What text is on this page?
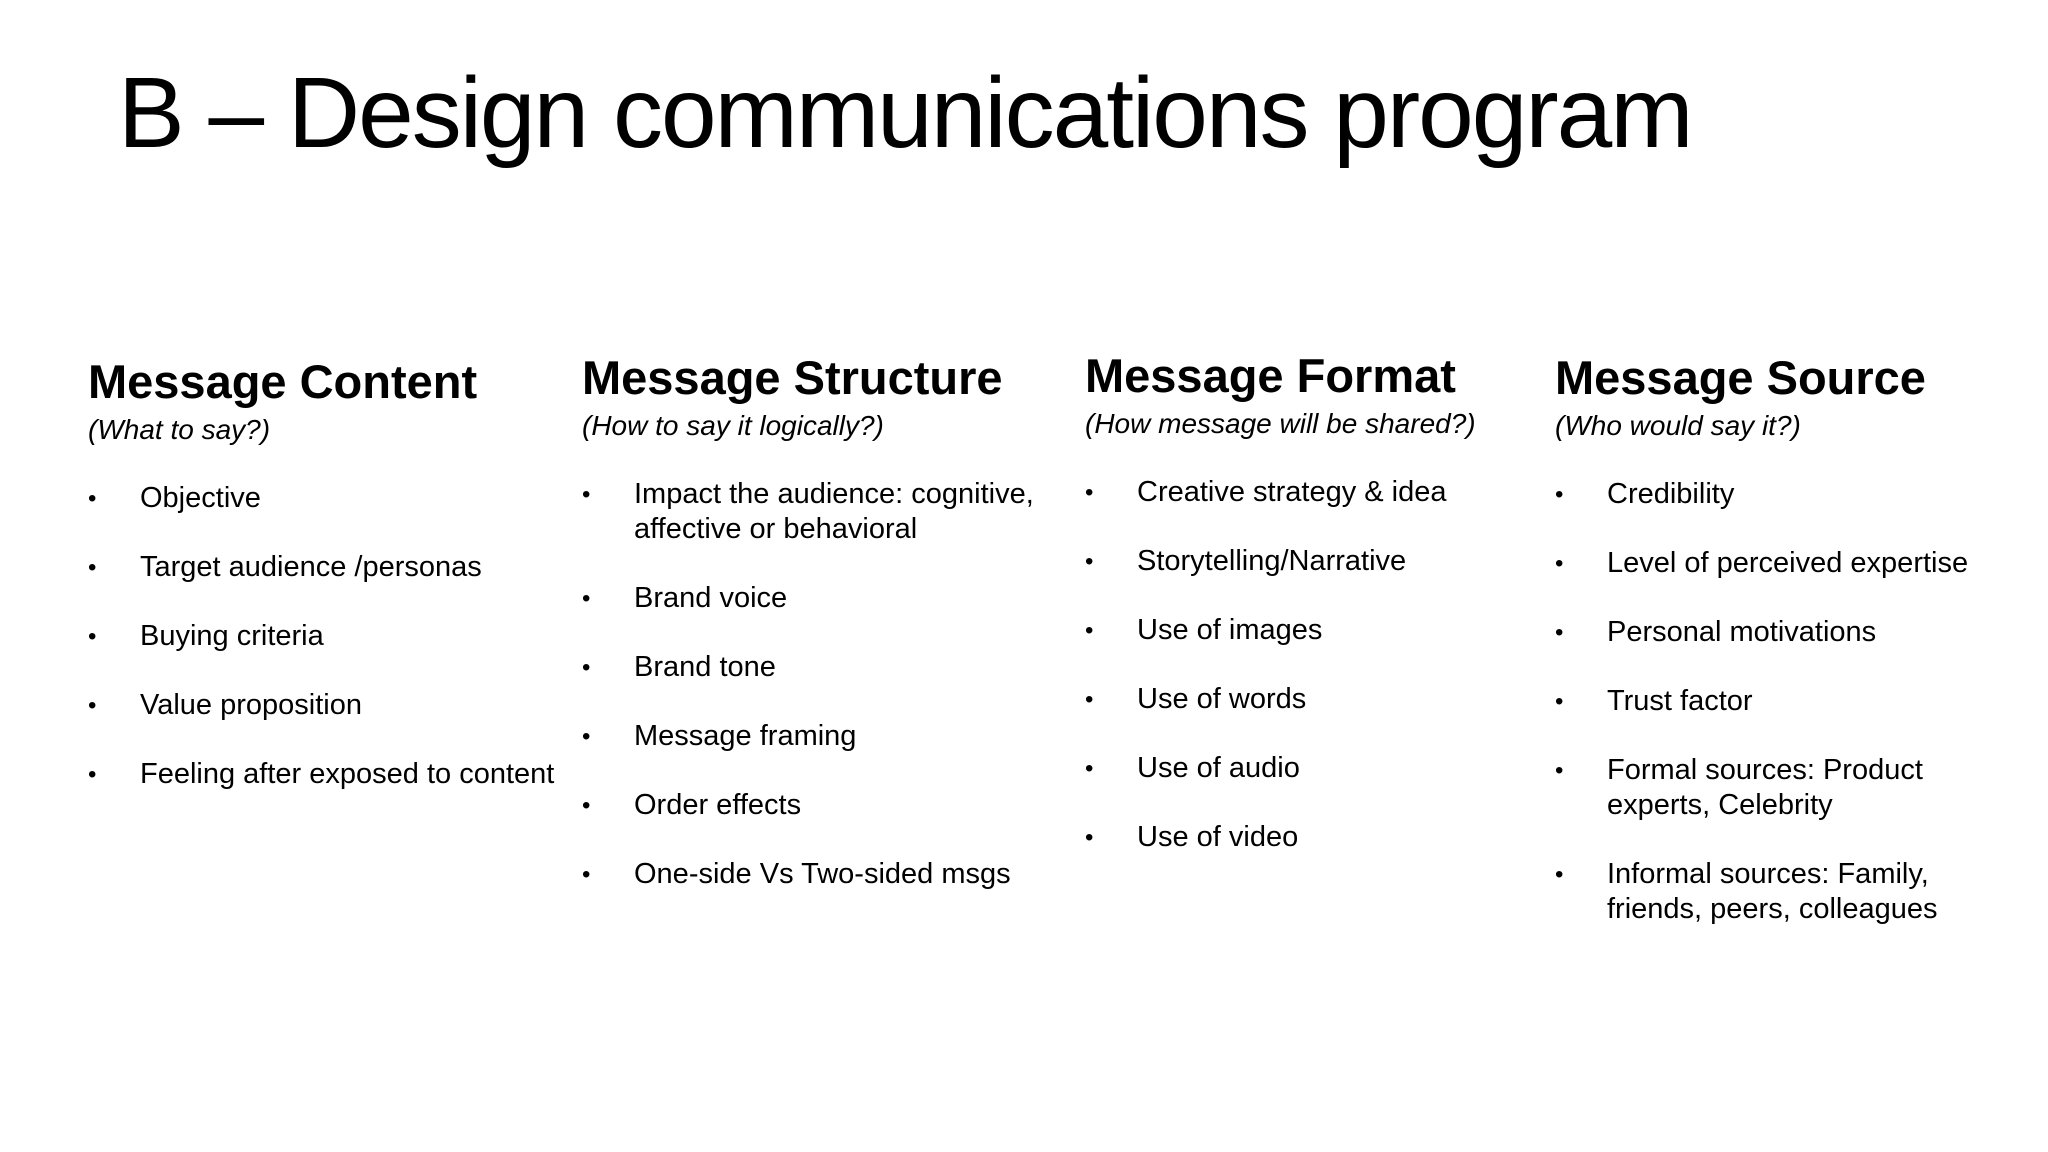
B – Design communications program
Message Content

(What to say?)

•	Objective
•	Target audience /personas
•	Buying criteria
•	Value proposition
•	Feeling after exposed to content
Message Structure

(How to say it logically?)

•	Impact the audience: cognitive, affective or behavioral
•	Brand voice
•	Brand tone
•	Message framing
•	Order effects
•	One-side Vs Two-sided msgs
Message Format

(How message will be shared?)

•	Creative strategy & idea
•	Storytelling/Narrative
•	Use of images
•	Use of words
•	Use of audio
•	Use of video
Message Source

(Who would say it?)

•	Credibility
•	Level of perceived expertise
•	Personal motivations
•	Trust factor
•	Formal sources: Product experts, Celebrity
•	Informal sources: Family, friends, peers, colleagues
